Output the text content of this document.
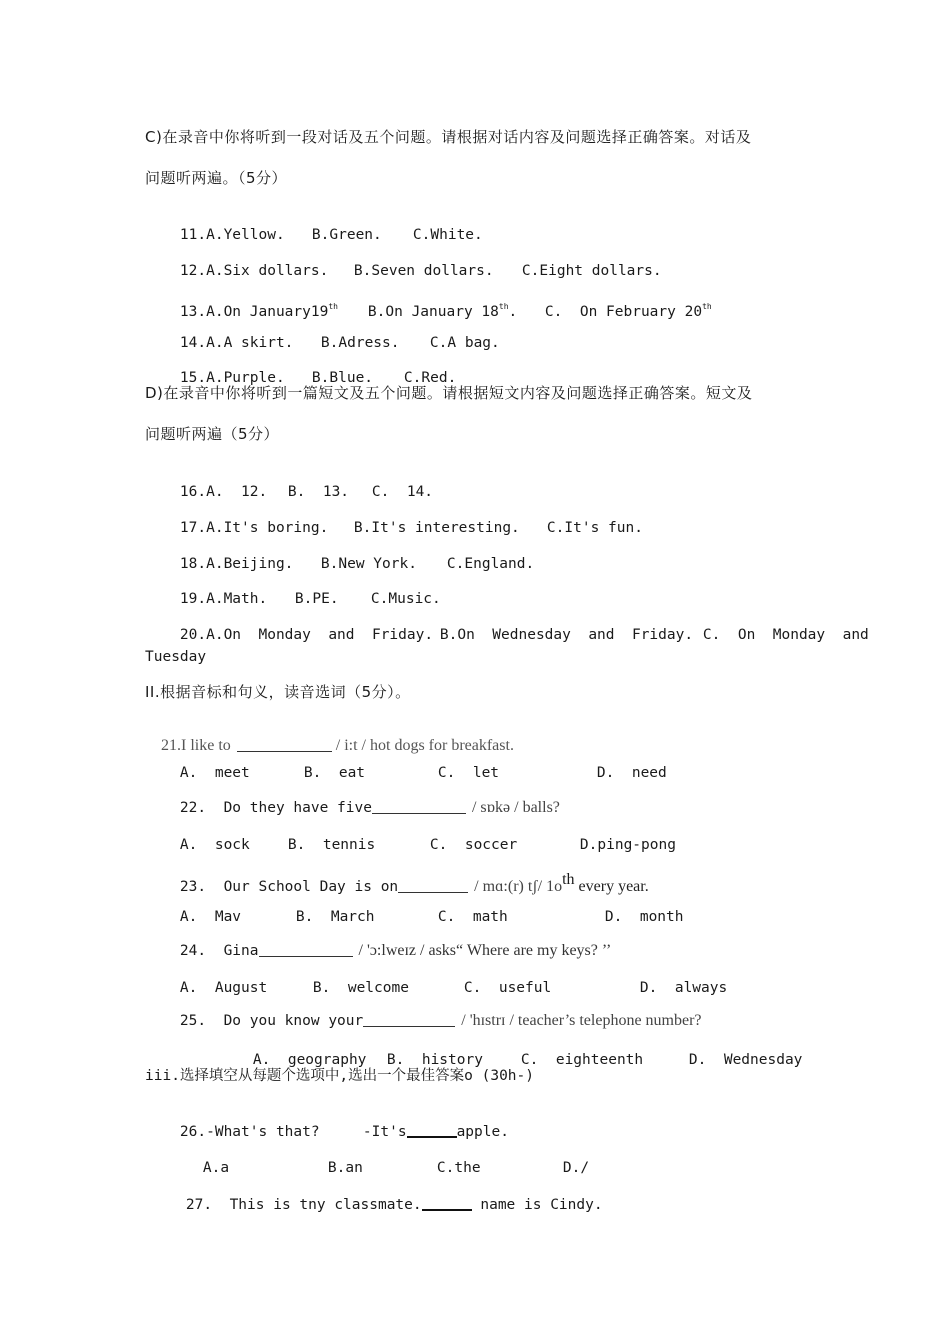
C)在录音中你将听到一段对话及五个问题。请根据对话内容及问题选择正确答案。对话及
问题听两遍。（5分）

11.A.Yellow. B.Green. C.White.

12.A.Six dollars. B.Seven dollars. C.Eight dollars.

13.A.On January19th B.On January 18th. C.  On February 20th

14.A.A skirt. B.Adress. C.A bag.

15.A.Purple. B.Blue. C.Red.

D)在录音中你将听到一篇短文及五个问题。请根据短文内容及问题选择正确答案。短文及
问题听两遍（5分）

16.A.  12. B.  13. C.  14.

17.A.It's boring. B.It's interesting. C.It's fun.

18.A.Beijing. B.New York. C.England.

19.A.Math. B.PE. C.Music.

20.A.On  Monday  and  Friday. B.On  Wednesday  and  Friday. C.  On  Monday  and

Tuesday
II.根据音标和句义，读音选词（5分）。

21.I like to	/ i:t / hot dogs for breakfast.

A.  meet	B.  eat	C.  let	D.  need

22.  Do they have five	/ sɒkə / balls?

A.  sock	B.  tennis	C.  soccer	D.ping-pong

23.  Our School Day is on	/ mɑ:(r) tʃ/ $1o^{th}$ every year.

A.  Mav	B.  March	C.  math	D.  month

24.  Gina	/ 'ɔ:lweɪz / asks“ Where are my keys? ’’

A.  August	B.  welcome	C.  useful	D.  always

25.  Do you know your	/ 'hɪstrɪ / teacher’s telephone number?

A.  geography B.  history	C.  eighteenth	D.  Wednesday

iii.选择填空从每题个选项中,选出一个最佳答案o (30h-)

26.-What's that?	-It's	apple.

A.a	B.an	C.the	D./

27.  This is tny classmate.	name is Cindy.
